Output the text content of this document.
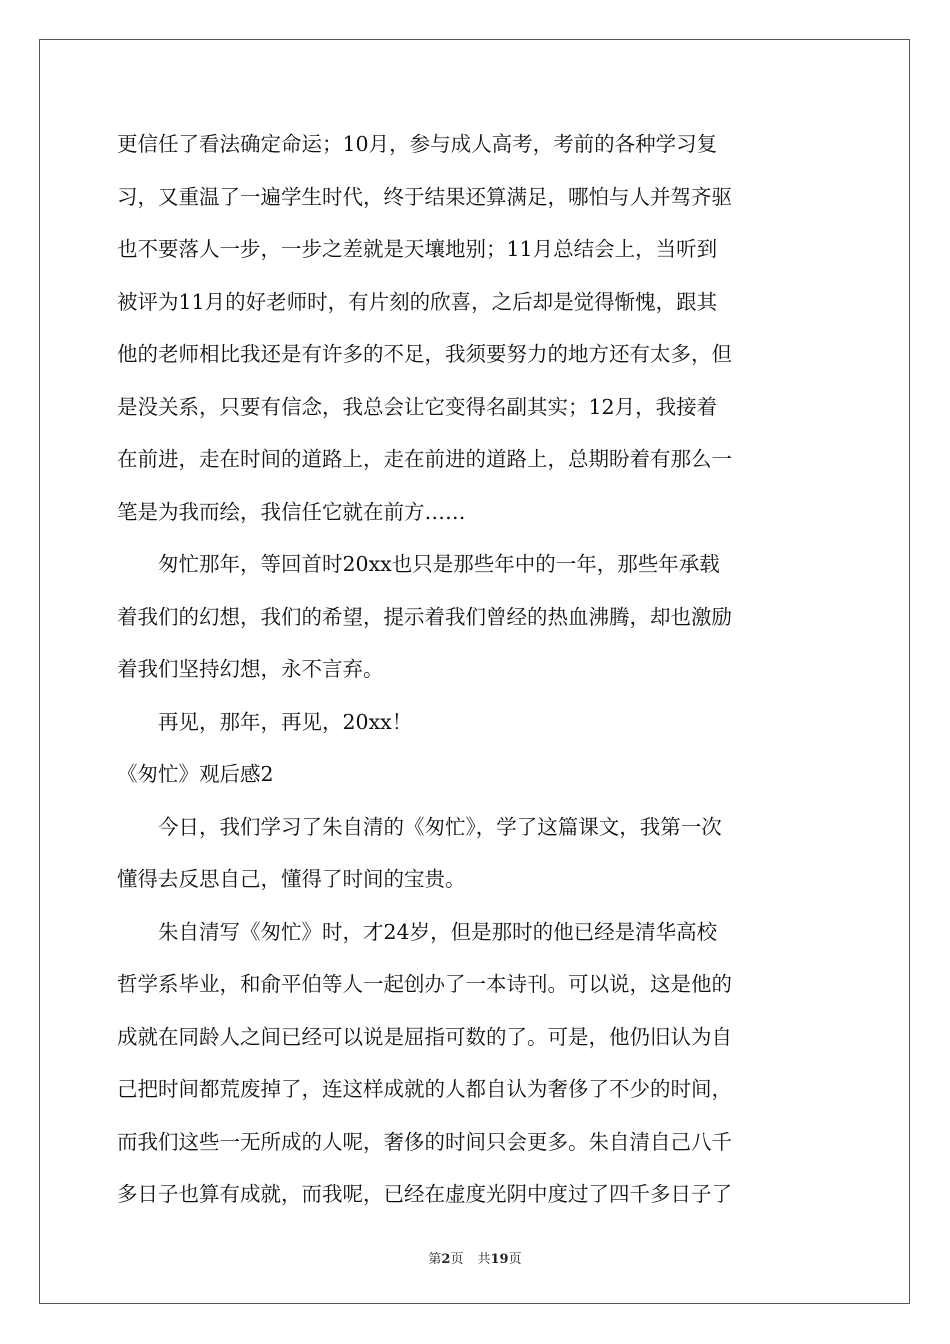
更信任了看法确定命运；10月，参与成人高考，考前的各种学习复
习，又重温了一遍学生时代，终于结果还算满足，哪怕与人并驾齐驱
也不要落人一步，一步之差就是天壤地别；11月总结会上，当听到
被评为11月的好老师时，有片刻的欣喜，之后却是觉得惭愧，跟其
他的老师相比我还是有许多的不足，我须要努力的地方还有太多，但
是没关系，只要有信念，我总会让它变得名副其实；12月，我接着
在前进，走在时间的道路上，走在前进的道路上，总期盼着有那么一
笔是为我而绘，我信任它就在前方……
匆忙那年，等回首时20xx也只是那些年中的一年，那些年承载
着我们的幻想，我们的希望，提示着我们曾经的热血沸腾，却也激励
着我们坚持幻想，永不言弃。
再见，那年，再见，20xx！
《匆忙》观后感2
今日，我们学习了朱自清的《匆忙》，学了这篇课文，我第一次
懂得去反思自己，懂得了时间的宝贵。
朱自清写《匆忙》时，才24岁，但是那时的他已经是清华高校
哲学系毕业，和俞平伯等人一起创办了一本诗刊。可以说，这是他的
成就在同龄人之间已经可以说是屈指可数的了。可是，他仍旧认为自
己把时间都荒废掉了，连这样成就的人都自认为奢侈了不少的时间，
而我们这些一无所成的人呢，奢侈的时间只会更多。朱自清自己八千
多日子也算有成就，而我呢，已经在虚度光阴中度过了四千多日子了
第2页 共19页
